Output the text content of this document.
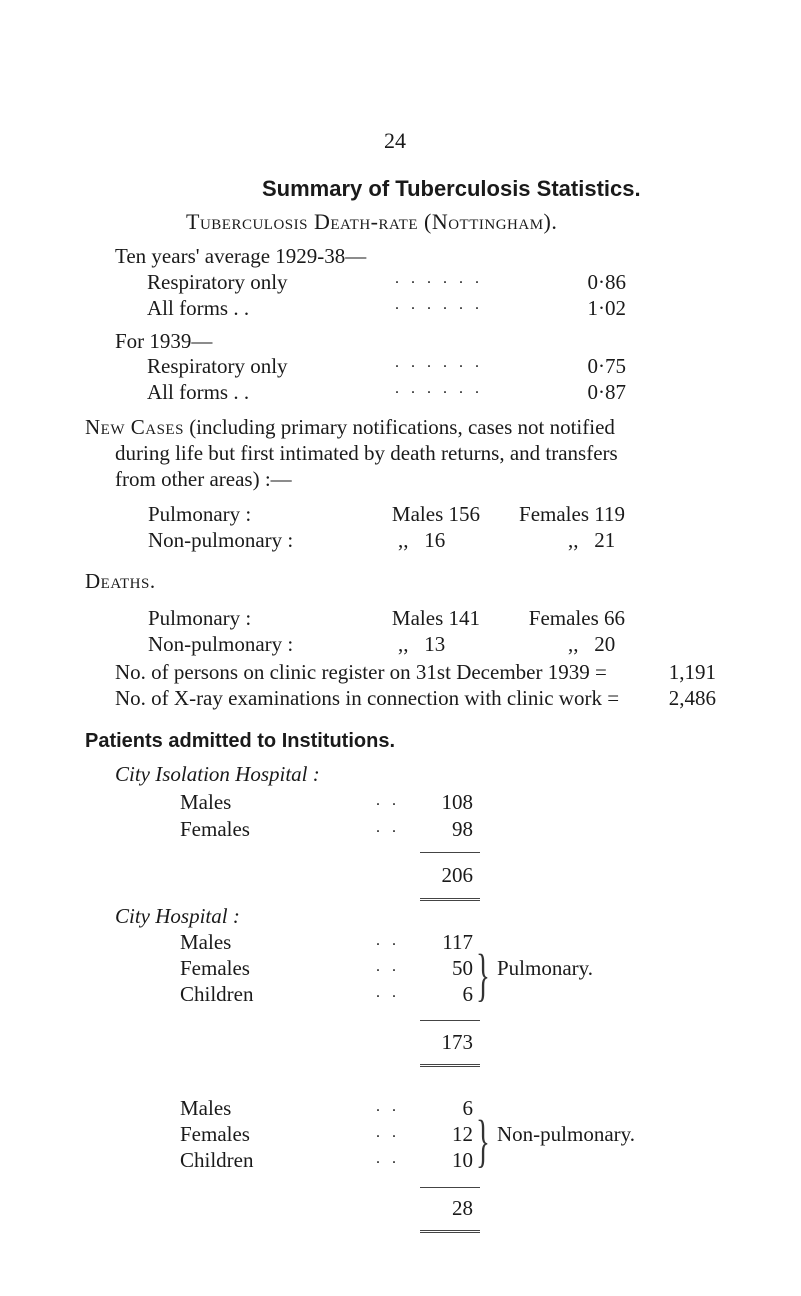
24
Summary of Tuberculosis Statistics.
Tuberculosis Death-rate (Nottingham).
Ten years' average 1929-38—
Respiratory only	. . . . . .	0·86
All forms . .	. . . . . .	1·02
For 1939—
Respiratory only	. . . . . .	0·75
All forms . .	. . . . . .	0·87
New Cases (including primary notifications, cases not notified
during life but first intimated by death returns, and transfers
from other areas) :—
Pulmonary :	Males 156	Females 119
Non-pulmonary :	,,   16	,,   21
Deaths.
Pulmonary :	Males 141	Females 66
Non-pulmonary :	,,   13	,,   20
No. of persons on clinic register on 31st December 1939 =	1,191
No. of X-ray examinations in connection with clinic work =	2,486
Patients admitted to Institutions.
City Isolation Hospital :
Males	. .	108
Females	. .	98
206
City Hospital :
Males	. .	117
Females	. .	50
Children	. .	6 } Pulmonary.
173
Males	. .	6
Females	. .	12
Children	. .	10 } Non-pulmonary.
28
